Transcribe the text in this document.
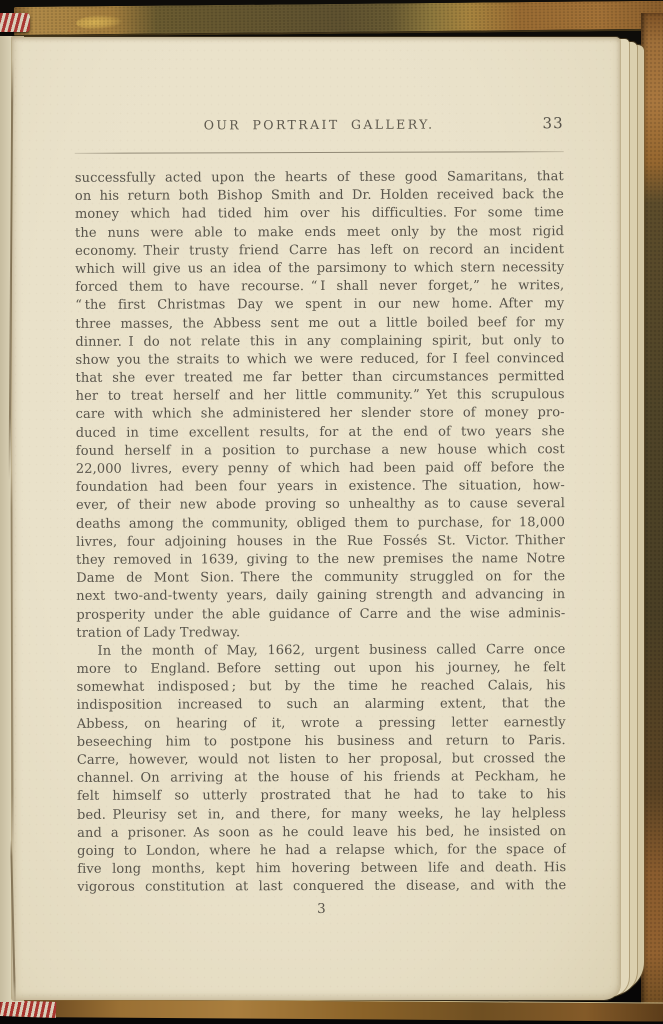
OUR PORTRAIT GALLERY.	33
successfully acted upon the hearts of these good Samaritans, that
on his return both Bishop Smith and Dr. Holden received back the
money which had tided him over his difficulties. For some time
the nuns were able to make ends meet only by the most rigid
economy. Their trusty friend Carre has left on record an incident
which will give us an idea of the parsimony to which stern necessity
forced them to have recourse. “ I shall never forget,” he writes,
“ the first Christmas Day we spent in our new home. After my
three masses, the Abbess sent me out a little boiled beef for my
dinner. I do not relate this in any complaining spirit, but only to
show you the straits to which we were reduced, for I feel convinced
that she ever treated me far better than circumstances permitted
her to treat herself and her little community.” Yet this scrupulous
care with which she administered her slender store of money pro-
duced in time excellent results, for at the end of two years she
found herself in a position to purchase a new house which cost
22,000 livres, every penny of which had been paid off before the
foundation had been four years in existence. The situation, how-
ever, of their new abode proving so unhealthy as to cause several
deaths among the community, obliged them to purchase, for 18,000
livres, four adjoining houses in the Rue Fossés St. Victor. Thither
they removed in 1639, giving to the new premises the name Notre
Dame de Mont Sion. There the community struggled on for the
next two-and-twenty years, daily gaining strength and advancing in
prosperity under the able guidance of Carre and the wise adminis-
tration of Lady Tredway.
In the month of May, 1662, urgent business called Carre once
more to England. Before setting out upon his journey, he felt
somewhat indisposed ; but by the time he reached Calais, his
indisposition increased to such an alarming extent, that the
Abbess, on hearing of it, wrote a pressing letter earnestly
beseeching him to postpone his business and return to Paris.
Carre, however, would not listen to her proposal, but crossed the
channel. On arriving at the house of his friends at Peckham, he
felt himself so utterly prostrated that he had to take to his
bed. Pleurisy set in, and there, for many weeks, he lay helpless
and a prisoner. As soon as he could leave his bed, he insisted on
going to London, where he had a relapse which, for the space of
five long months, kept him hovering between life and death. His
vigorous constitution at last conquered the disease, and with the
3
